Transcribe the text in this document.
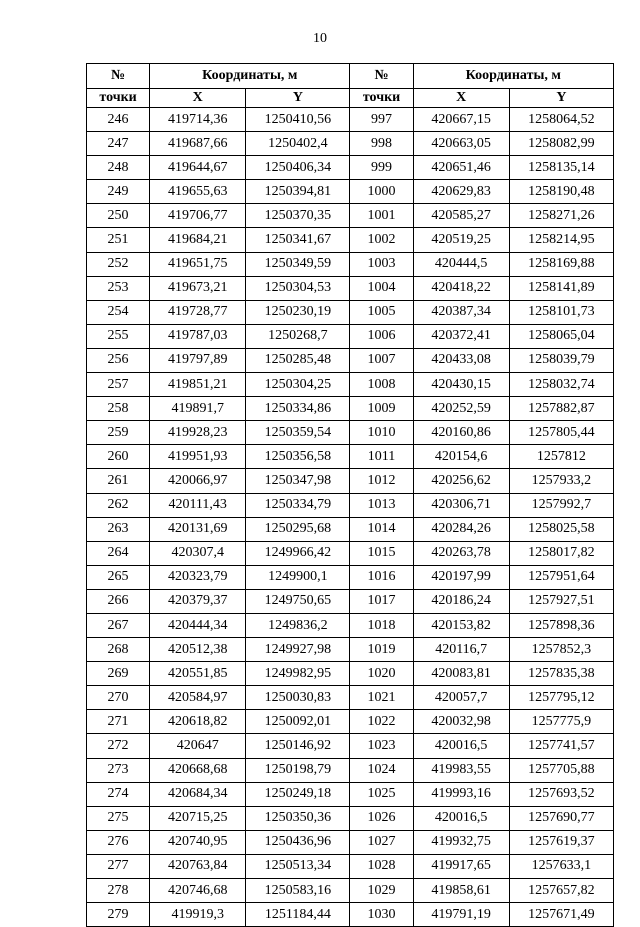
10
№	Координаты, м		№	Координаты, м	
точки	X	Y	точки	X	Y
246	419714,36	1250410,56	997	420667,15	1258064,52
247	419687,66	1250402,4	998	420663,05	1258082,99
248	419644,67	1250406,34	999	420651,46	1258135,14
249	419655,63	1250394,81	1000	420629,83	1258190,48
250	419706,77	1250370,35	1001	420585,27	1258271,26
251	419684,21	1250341,67	1002	420519,25	1258214,95
252	419651,75	1250349,59	1003	420444,5	1258169,88
253	419673,21	1250304,53	1004	420418,22	1258141,89
254	419728,77	1250230,19	1005	420387,34	1258101,73
255	419787,03	1250268,7	1006	420372,41	1258065,04
256	419797,89	1250285,48	1007	420433,08	1258039,79
257	419851,21	1250304,25	1008	420430,15	1258032,74
258	419891,7	1250334,86	1009	420252,59	1257882,87
259	419928,23	1250359,54	1010	420160,86	1257805,44
260	419951,93	1250356,58	1011	420154,6	1257812
261	420066,97	1250347,98	1012	420256,62	1257933,2
262	420111,43	1250334,79	1013	420306,71	1257992,7
263	420131,69	1250295,68	1014	420284,26	1258025,58
264	420307,4	1249966,42	1015	420263,78	1258017,82
265	420323,79	1249900,1	1016	420197,99	1257951,64
266	420379,37	1249750,65	1017	420186,24	1257927,51
267	420444,34	1249836,2	1018	420153,82	1257898,36
268	420512,38	1249927,98	1019	420116,7	1257852,3
269	420551,85	1249982,95	1020	420083,81	1257835,38
270	420584,97	1250030,83	1021	420057,7	1257795,12
271	420618,82	1250092,01	1022	420032,98	1257775,9
272	420647	1250146,92	1023	420016,5	1257741,57
273	420668,68	1250198,79	1024	419983,55	1257705,88
274	420684,34	1250249,18	1025	419993,16	1257693,52
275	420715,25	1250350,36	1026	420016,5	1257690,77
276	420740,95	1250436,96	1027	419932,75	1257619,37
277	420763,84	1250513,34	1028	419917,65	1257633,1
278	420746,68	1250583,16	1029	419858,61	1257657,82
279	419919,3	1251184,44	1030	419791,19	1257671,49
